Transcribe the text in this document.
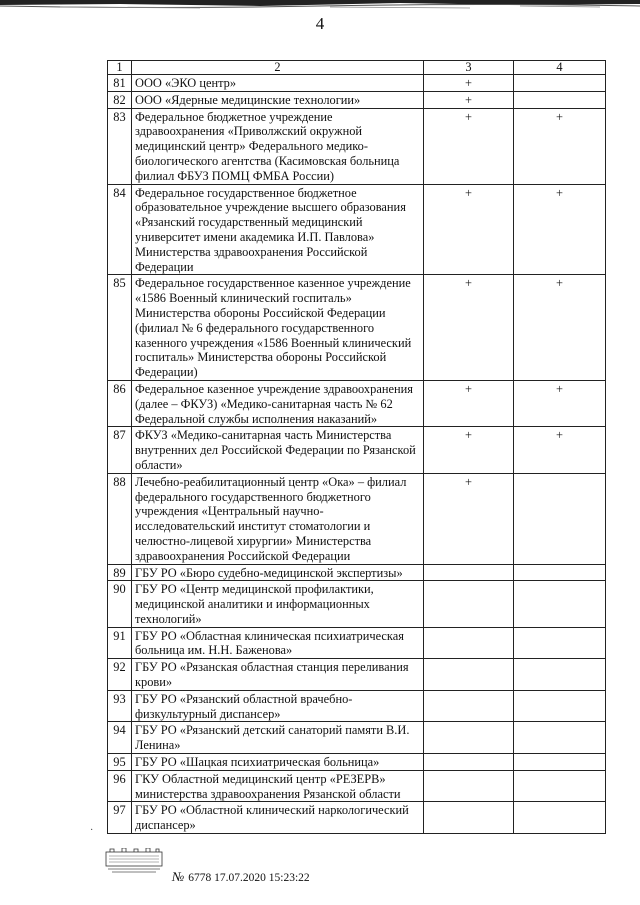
4
1	2	3	4
81	ООО «ЭКО центр»	+	
82	ООО «Ядерные медицинские технологии»	+	
83	Федеральное бюджетное учреждение здравоохранения «Приволжский окружной медицинский центр» Федерального медико-биологического агентства (Касимовская больница филиал ФБУЗ ПОМЦ ФМБА России)	+	+
84	Федеральное государственное бюджетное образовательное учреждение высшего образования «Рязанский государственный медицинский университет имени академика И.П. Павлова» Министерства здравоохранения Российской Федерации	+	+
85	Федеральное государственное казенное учреждение «1586 Военный клинический госпиталь» Министерства обороны Российской Федерации (филиал № 6 федерального государственного казенного учреждения «1586 Военный клинический госпиталь» Министерства обороны Российской Федерации)	+	+
86	Федеральное казенное учреждение здравоохранения (далее – ФКУЗ) «Медико-санитарная часть № 62 Федеральной службы исполнения наказаний»	+	+
87	ФКУЗ «Медико-санитарная часть Министерства внутренних дел Российской Федерации по Рязанской области»	+	+
88	Лечебно-реабилитационный центр «Ока» – филиал федерального государственного бюджетного учреждения «Центральный научно-исследовательский институт стоматологии и челюстно-лицевой хирургии» Министерства здравоохранения Российской Федерации	+	
89	ГБУ РО «Бюро судебно-медицинской экспертизы»		
90	ГБУ РО «Центр медицинской профилактики, медицинской аналитики и информационных технологий»		
91	ГБУ РО «Областная клиническая психиатрическая больница им. Н.Н. Баженова»		
92	ГБУ РО «Рязанская областная станция переливания крови»		
93	ГБУ РО «Рязанский областной врачебно-физкультурный диспансер»		
94	ГБУ РО «Рязанский детский санаторий памяти В.И. Ленина»		
95	ГБУ РО «Шацкая психиатрическая больница»		
96	ГКУ Областной медицинский центр «РЕЗЕРВ» министерства здравоохранения Рязанской области		
97	ГБУ РО «Областной клинический наркологический диспансер»		
№ 6778 17.07.2020 15:23:22
·
